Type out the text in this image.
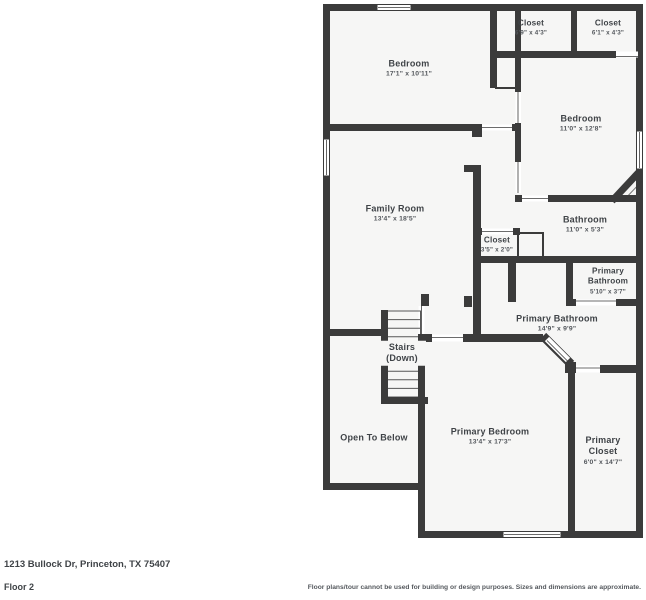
Bedroom
17'1" x 10'11"
Closet
6'9" x 4'3"
Closet
6'1" x 4'3"
Bedroom
11'0" x 12'8"
Family Room
13'4" x 18'5"	Bathroom
11'0" x 5'3"
Closet
3'5" x 2'0"
Primary Bathroom
5'10" x 3'7"
Primary Bathroom
14'9" x 9'9"
Stairs (Down)
Open To Below
Primary Bedroom
13'4" x 17'3"	Primary Closet
6'0" x 14'7"
1213 Bullock Dr, Princeton, TX 75407
Floor 2	Floor plans/tour cannot be used for building or design purposes. Sizes and dimensions are approximate.
